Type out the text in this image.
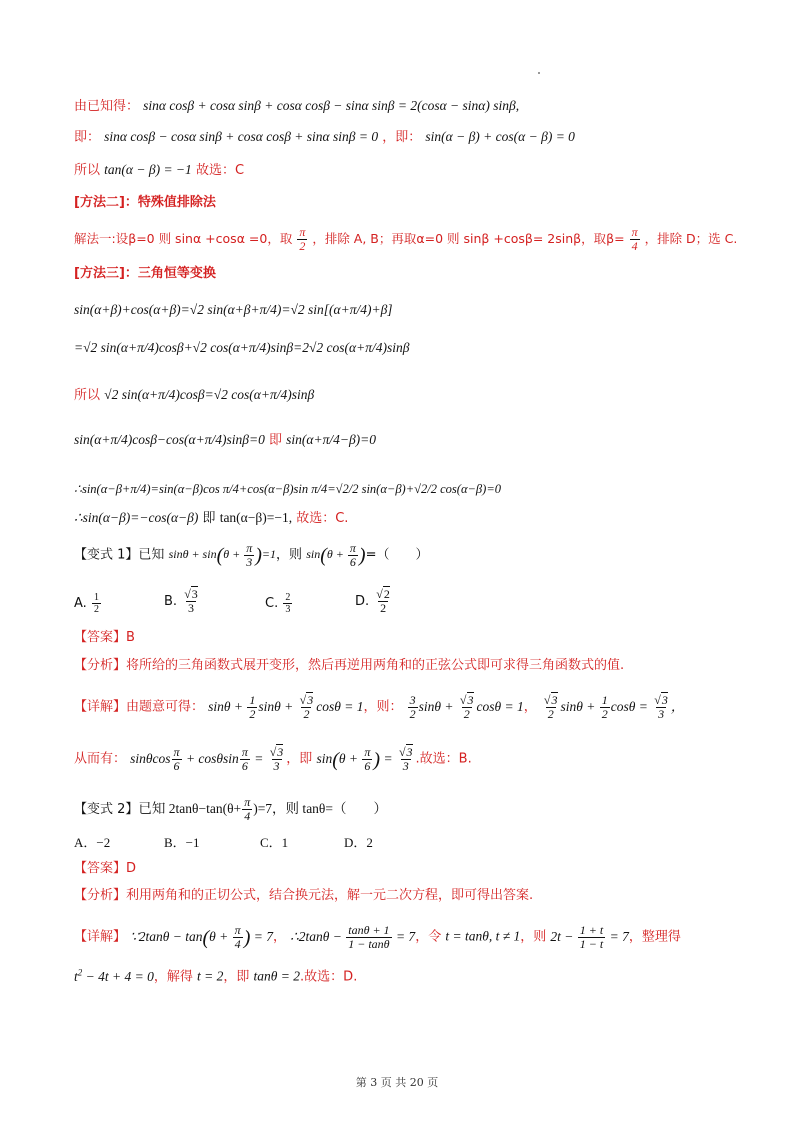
由已知得： sinα cosβ + cosα sinβ + cosα cosβ − sinα sinβ = 2(cosα − sinα) sinβ,
即： sinα cosβ − cosα sinβ + cosα cosβ + sinα sinβ = 0 ，即： sin(α − β) + cos(α − β) = 0
所以 tan(α − β) = −1 故选：C
[方法二]：特殊值排除法
解法一:设β=0 则 sinα +cosα =0，取 $\frac{\pi}{2}$ ，排除 A, B；再取α=0 则 sinβ +cosβ= 2sinβ，取$\beta= \frac{\pi}{4}$ ，排除 D；选 C.
[方法三]：三角恒等变换
sin(α+β)+cos(α+β)=√2 sin(α+β+π/4)=√2 sin[(α+π/4)+β]
=√2 sin(α+π/4)cosβ+√2 cos(α+π/4)sinβ=2√2 cos(α+π/4)sinβ
所以 √2 sin(α+π/4)cosβ=√2 cos(α+π/4)sinβ
sin(α+π/4)cosβ−cos(α+π/4)sinβ=0 即 sin(α+π/4−β)=0
∴sin(α−β+π/4)=sin(α−β)cos π/4+cos(α−β)sin π/4=√2/2 sin(α−β)+√2/2 cos(α−β)=0
∴sin(α−β)=−cos(α−β) 即 tan(α−β)=−1, 故选：C.
【变式 1】已知 $\sin\theta + \sin(\theta + \frac{\pi}{3} )=1$，则 $\sin(\theta + \frac{\pi}{6}$ )=（　　）
A. $\frac{1}{2}$	B. $\frac{√3}{3}$	C. $\frac{2}{3}$	D. $\frac{√2}{2}$
【答案】B
【分析】将所给的三角函数式展开变形，然后再逆用两角和的正弦公式即可求得三角函数式的值.
【详解】由题意可得： $\sin\theta + \frac{1}{2}$ $\sin\theta + \frac{√3}{2}$ cosθ = 1，则： $\frac{3}{2}$ $\sin\theta + \frac{√3}{2}$ cosθ = 1， $\frac{√3}{2}$ $\sin\theta + \frac{1}{2}$ $\cos\theta = \frac{√3}{3}$ ，
从而有： sinθcos $\frac{\pi}{6} + \cos\theta\sin \frac{\pi}{6} = \frac{√3}{3}$ ，即 $\sin(\theta + \frac{\pi}{6}$ ) = $\frac{√3}{3}$ .故选：B.
【变式 2】已知 $2\tan\theta-\tan(\theta+ \frac{\pi}{4} )=7$，则 tanθ=（　　）
A．−2	B．−1	C．1	D．2
【答案】D
【分析】利用两角和的正切公式，结合换元法，解一元二次方程，即可得出答案.
【详解】 ∵2tanθ − $\tan(\theta + \frac{\pi}{4}$ ) = 7， ∴2tanθ − $\frac{\tan\theta + 1}{1 - \tan\theta} = 7$，令 t = tanθ, t ≠ 1，则 $2t - \frac{1 + t}{1 - t} = 7$，整理得
$t^2 - 4t + 4 = 0$，解得 t = 2，即 tanθ = 2.故选：D.
第 3 页 共 20 页
